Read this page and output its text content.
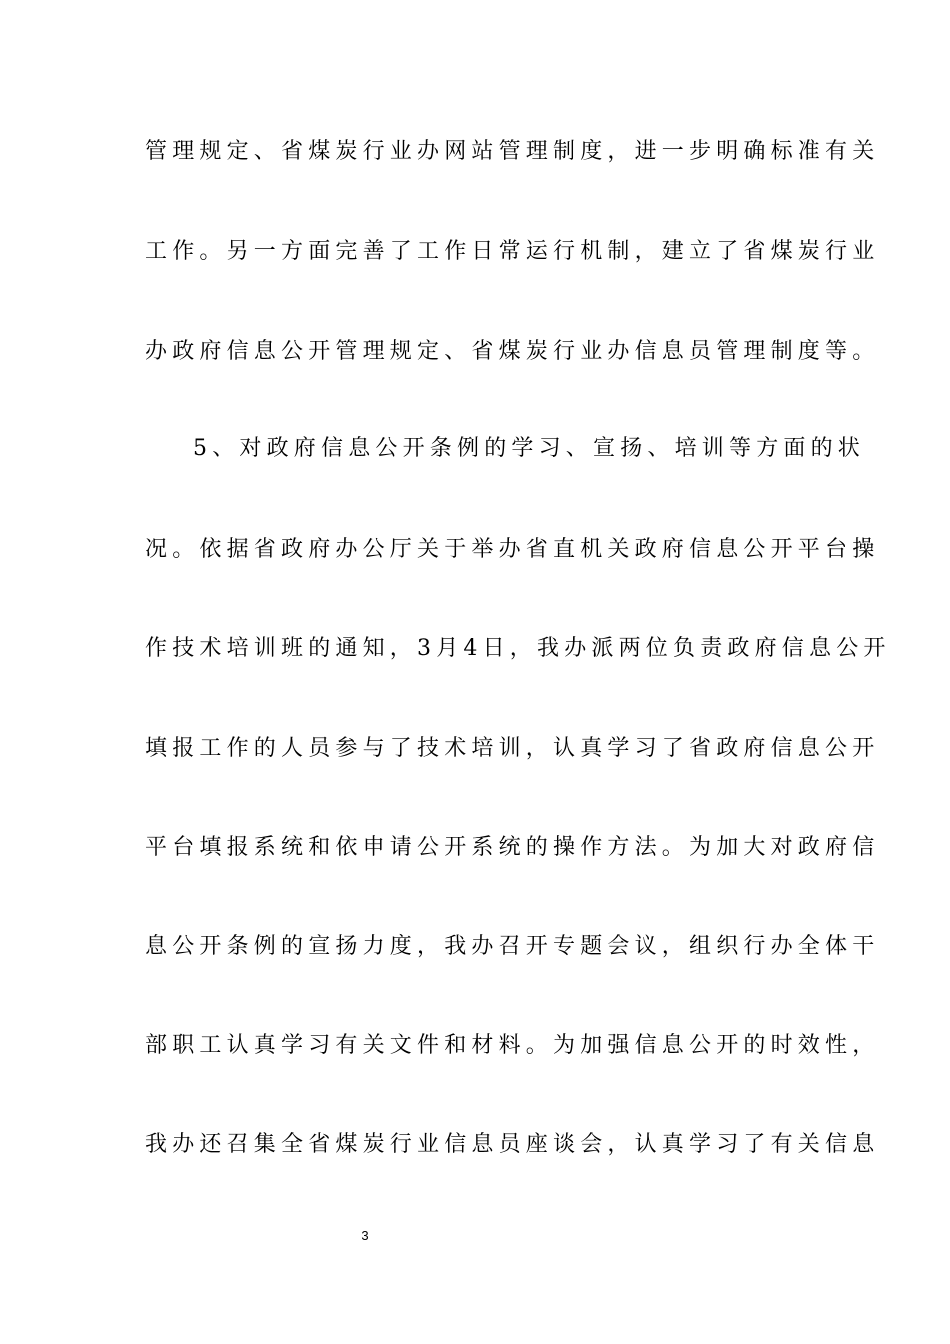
管理规定、省煤炭行业办网站管理制度，进一步明确标准有关
工作。另一方面完善了工作日常运行机制，建立了省煤炭行业
办政府信息公开管理规定、省煤炭行业办信息员管理制度等。
5、对政府信息公开条例的学习、宣扬、培训等方面的状
况。依据省政府办公厅关于举办省直机关政府信息公开平台操
作技术培训班的通知，3月4日，我办派两位负责政府信息公开
填报工作的人员参与了技术培训，认真学习了省政府信息公开
平台填报系统和依申请公开系统的操作方法。为加大对政府信
息公开条例的宣扬力度，我办召开专题会议，组织行办全体干
部职工认真学习有关文件和材料。为加强信息公开的时效性，
我办还召集全省煤炭行业信息员座谈会，认真学习了有关信息
3
